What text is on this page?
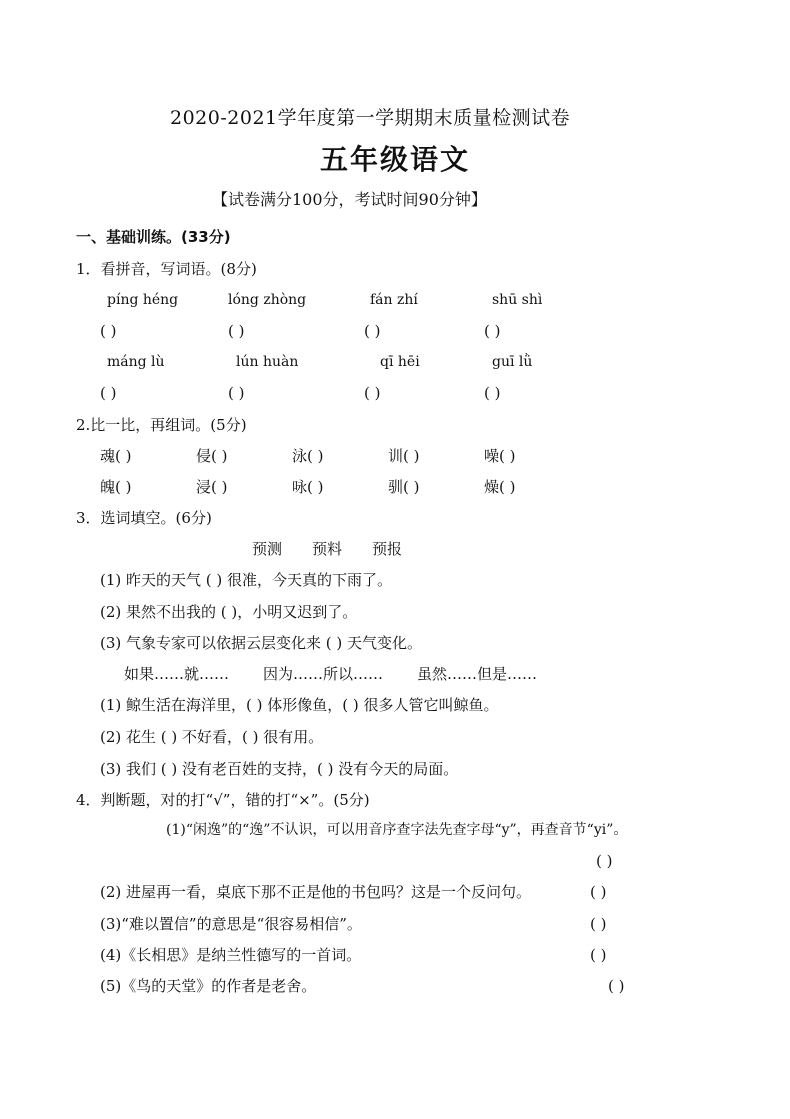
2020-2021学年度第一学期期末质量检测试卷
五年级语文
【试卷满分100分，考试时间90分钟】
一、基础训练。(33分)
1．看拼音，写词语。(8分)
píng héng	lóng zhòng	fán zhí	shū shì
( )	( )	( )	( )
máng lù	lún huàn	qī hēi	guī lǜ
( )	( )	( )	( )
2.比一比，再组词。(5分)
魂( )	侵( )	泳( )	训( )	噪( )
魄( )	浸( )	咏( )	驯( )	燥( )
3．选词填空。(6分)
预测 预料 预报
(1) 昨天的天气 ( ) 很准，今天真的下雨了。
(2) 果然不出我的 ( )，小明又迟到了。
(3) 气象专家可以依据云层变化来 ( ) 天气变化。
如果……就…… 因为……所以…… 虽然……但是……
(1) 鲸生活在海洋里，( ) 体形像鱼，( ) 很多人管它叫鲸鱼。
(2) 花生 ( ) 不好看，( ) 很有用。
(3) 我们 ( ) 没有老百姓的支持，( ) 没有今天的局面。
4．判断题，对的打“√”，错的打“×”。(5分)
(1)“闲逸”的“逸”不认识，可以用音序查字法先查字母“y”，再查音节“yi”。
( )
(2) 进屋再一看，桌底下那不正是他的书包吗？这是一个反问句。	( )
(3)“难以置信”的意思是“很容易相信”。	( )
(4)《长相思》是纳兰性德写的一首词。	( )
(5)《鸟的天堂》的作者是老舍。	( )
